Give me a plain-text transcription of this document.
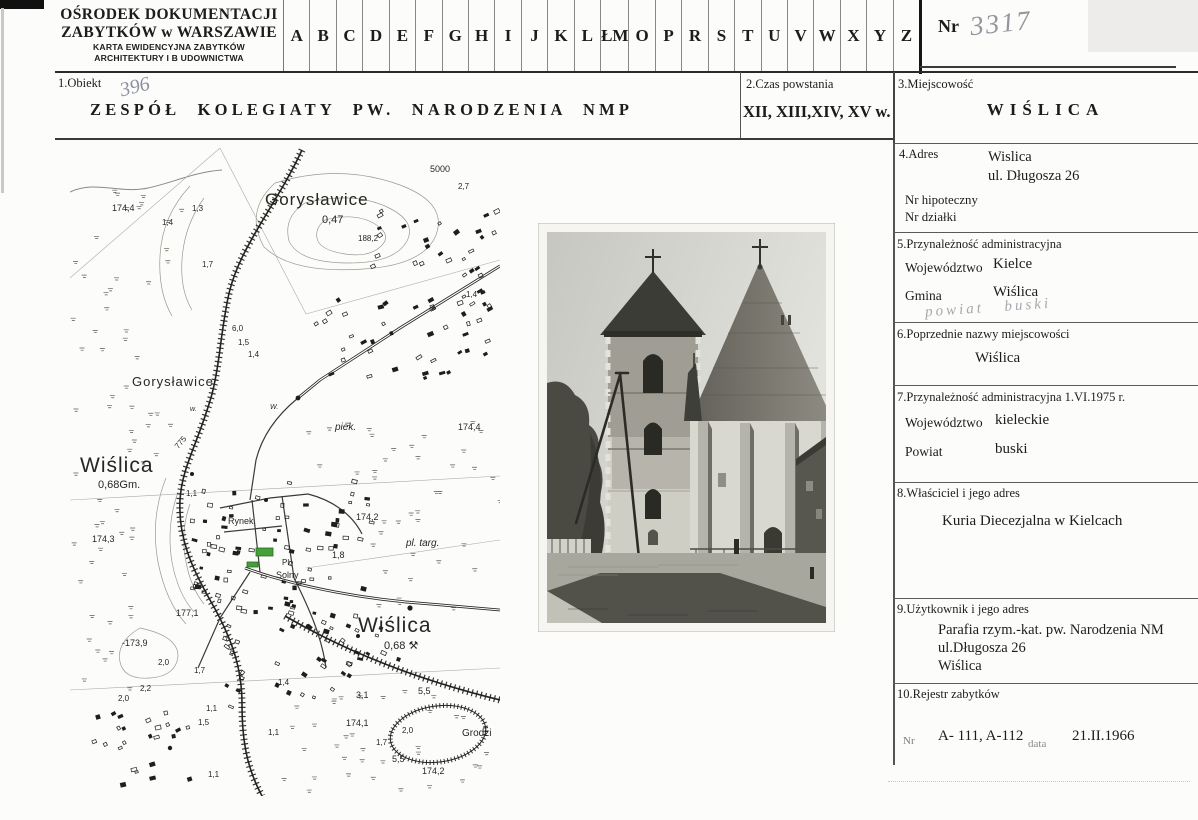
OŚRODEK DOKUMENTACJI
ZABYTKÓW w WARSZAWIE
KARTA EWIDENCYJNA ZABYTKÓW
ARCHITEKTURY I B UDOWNICTWA
A B C D E F G H I J K L ŁM O P R S T U V W X Y Z Nr 3317
1.Obiekt 396
ZESPÓŁ KOLEGIATY PW. NARODZENIA NMP
2.Czas powstania
XII, XIII,XIV, XV w.
3.Miejscowość
WIŚLICA
4.Adres	Wislica
ul. Długosza 26
Nr hipoteczny
Nr działki
5.Przynależność administracyjna
Województwo Kielce
Gmina	Wiślica
powiat buski
6.Poprzednie nazwy miejscowości
Wiślica
7.Przynależność administracyjna 1.VI.1975 r.
Województwo kieleckie
Powiat	buski
8.Właściciel i jego adres
Kuria Diecezjalna w Kielcach
9.Użytkownik i jego adres
Parafia rzym.-kat. pw. Narodzenia NM
ul.Długosza 26
Wiślica
10.Rejestr zabytków
Nr A- 111, A-112 data 21.II.1966
Gorysławice
0,47
188,2
174,4
5000
2,7
1,3
1,4
1,7
6,0
1,5
1,4
1,4
Gorysławice
piek.	174,4
W.
w.
Wiślica
0,68Gm.
775
1,1
174,3
Rynek	174,2
pl. targ.
1,8
Pl.
Solny
177,1
Wiślica
0,68 ⚒
-173,9
2,0
2,2
2,0
1,7
1,1
1,5
1,1
1,4
3,1	5,5
174,1
2,0	Grodzi
1,7
5,5
174,2
1,1
